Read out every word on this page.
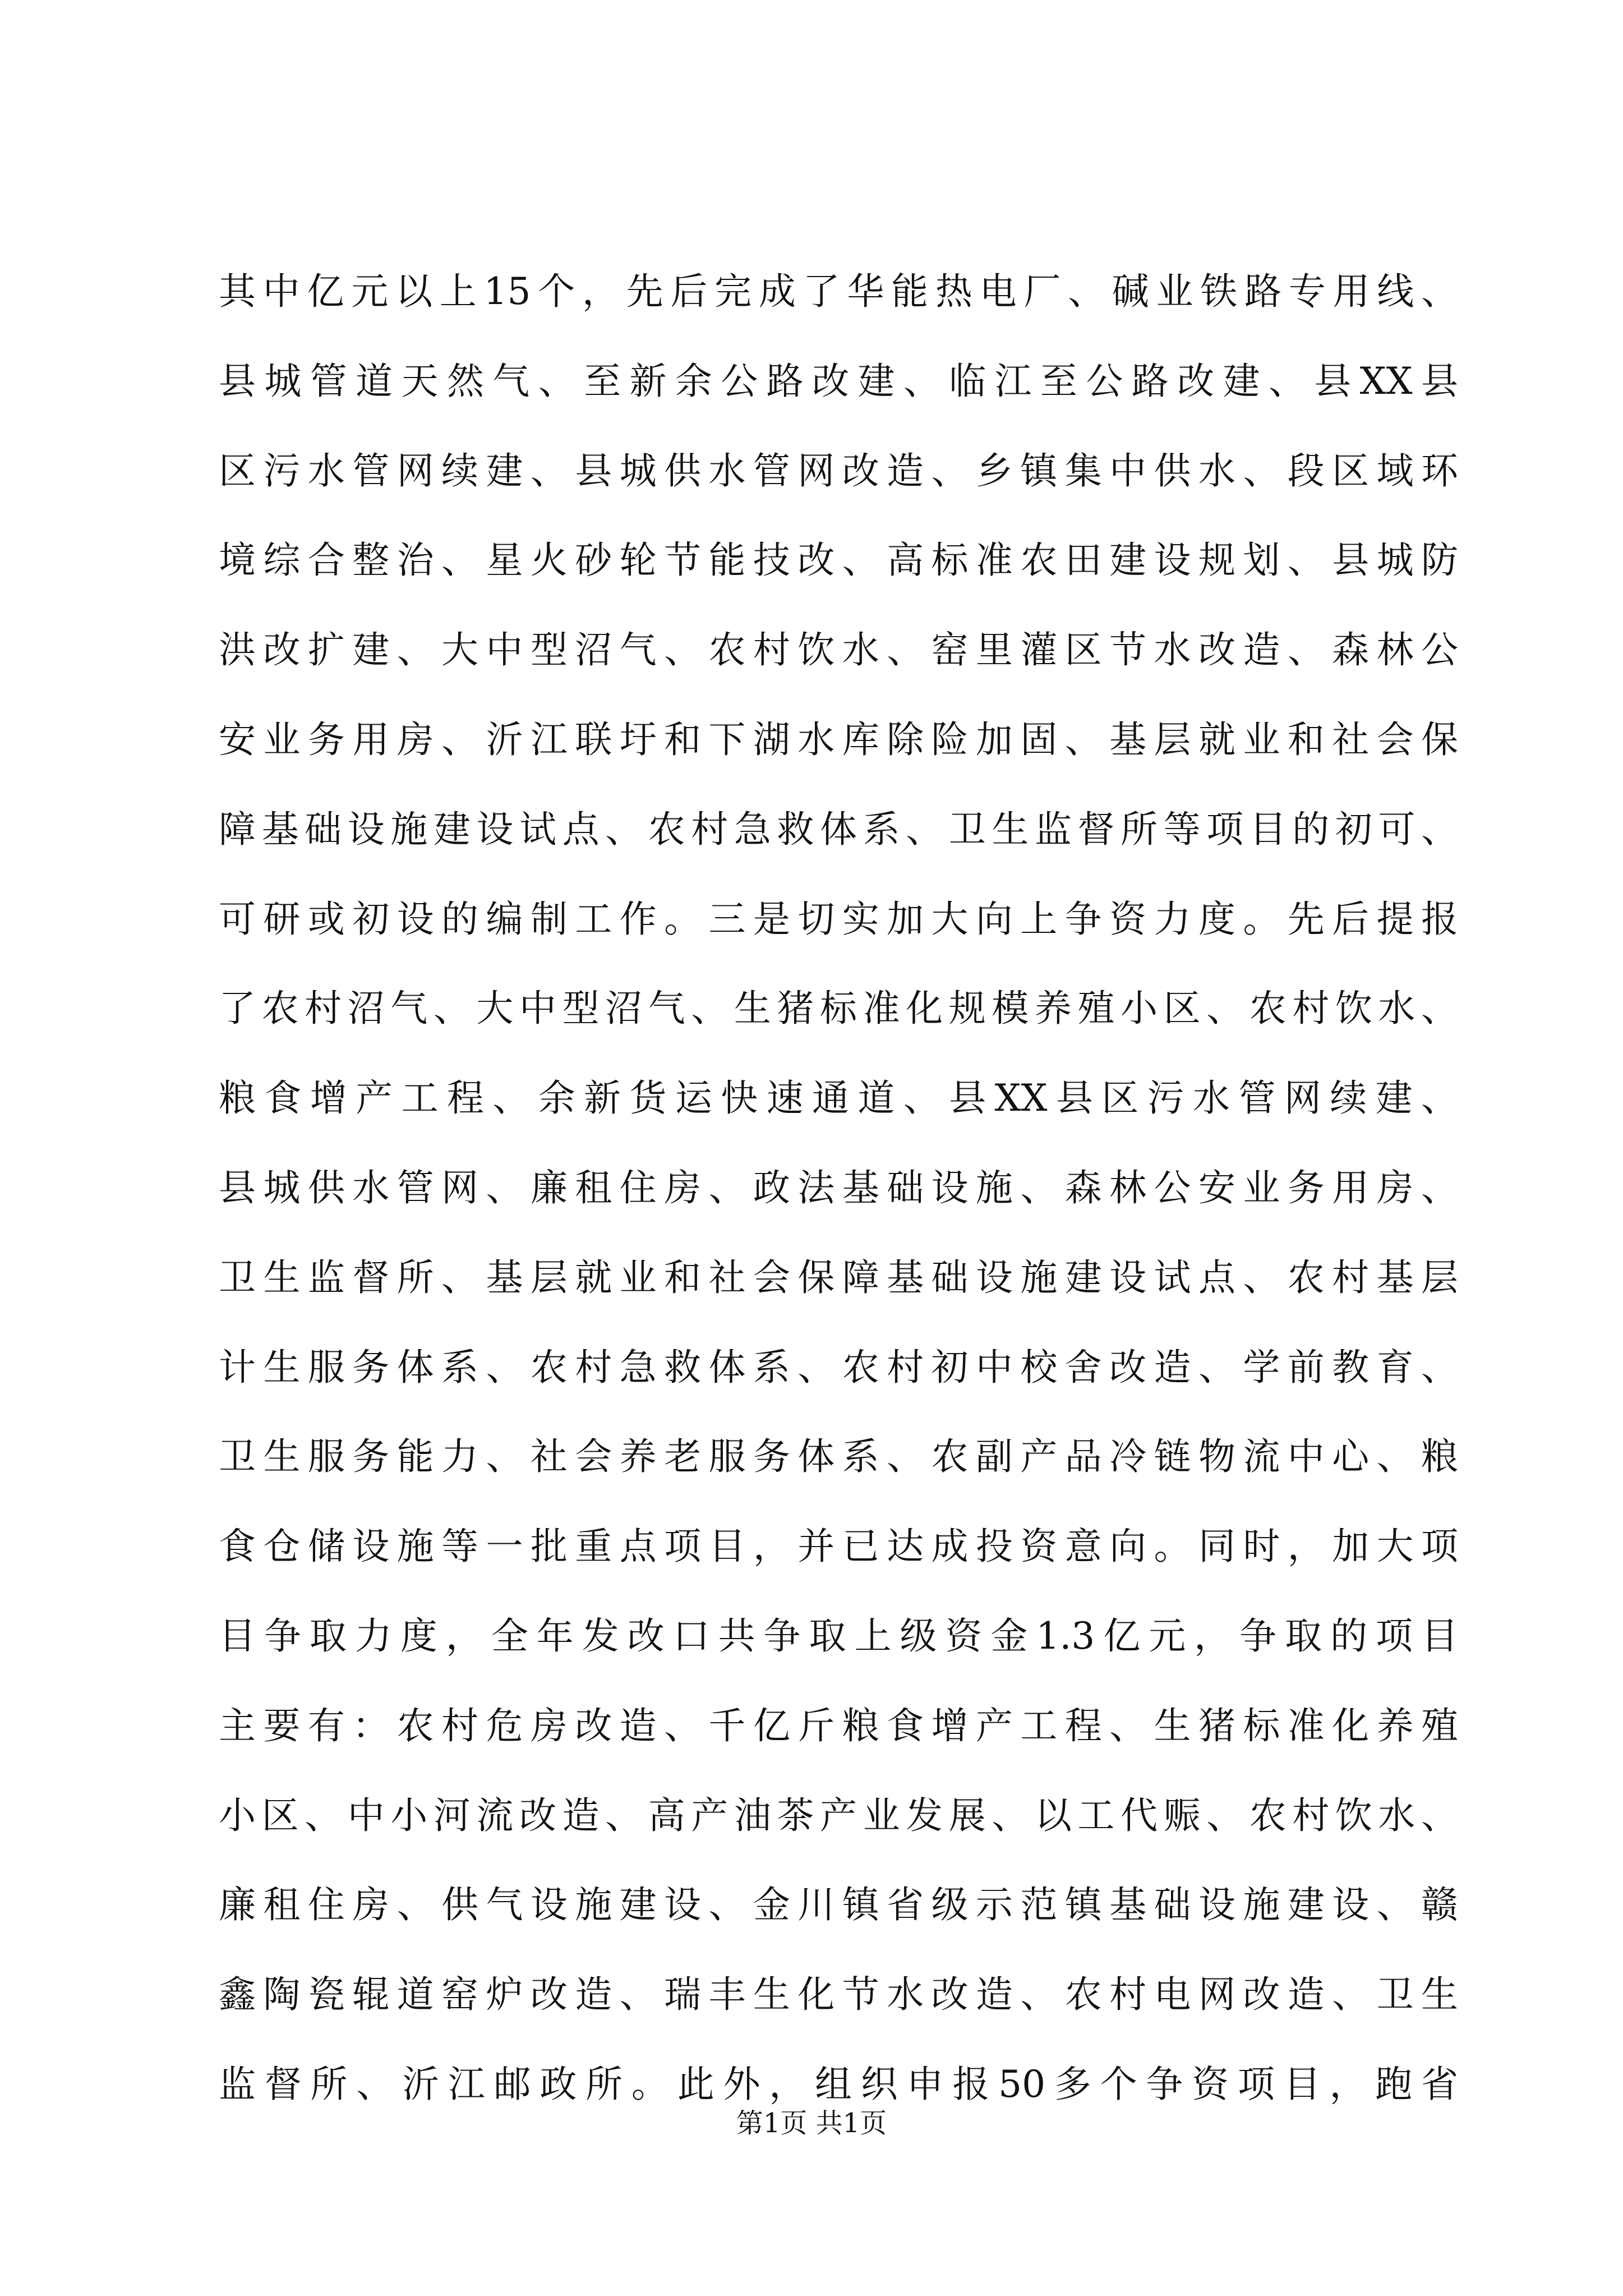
其中亿元以上15个，先后完成了华能热电厂、碱业铁路专用线、
县城管道天然气、至新余公路改建、临江至公路改建、县XX县
区污水管网续建、县城供水管网改造、乡镇集中供水、段区域环
境综合整治、星火砂轮节能技改、高标准农田建设规划、县城防
洪改扩建、大中型沼气、农村饮水、窑里灌区节水改造、森林公
安业务用房、沂江联圩和下湖水库除险加固、基层就业和社会保
障基础设施建设试点、农村急救体系、卫生监督所等项目的初可、
可研或初设的编制工作。三是切实加大向上争资力度。先后提报
了农村沼气、大中型沼气、生猪标准化规模养殖小区、农村饮水、
粮食增产工程、余新货运快速通道、县XX县区污水管网续建、
县城供水管网、廉租住房、政法基础设施、森林公安业务用房、
卫生监督所、基层就业和社会保障基础设施建设试点、农村基层
计生服务体系、农村急救体系、农村初中校舍改造、学前教育、
卫生服务能力、社会养老服务体系、农副产品冷链物流中心、粮
食仓储设施等一批重点项目，并已达成投资意向。同时，加大项
目争取力度，全年发改口共争取上级资金1.3亿元，争取的项目
主要有：农村危房改造、千亿斤粮食增产工程、生猪标准化养殖
小区、中小河流改造、高产油茶产业发展、以工代赈、农村饮水、
廉租住房、供气设施建设、金川镇省级示范镇基础设施建设、赣
鑫陶瓷辊道窑炉改造、瑞丰生化节水改造、农村电网改造、卫生
监督所、沂江邮政所。此外，组织申报50多个争资项目，跑省
第1页 共1页
